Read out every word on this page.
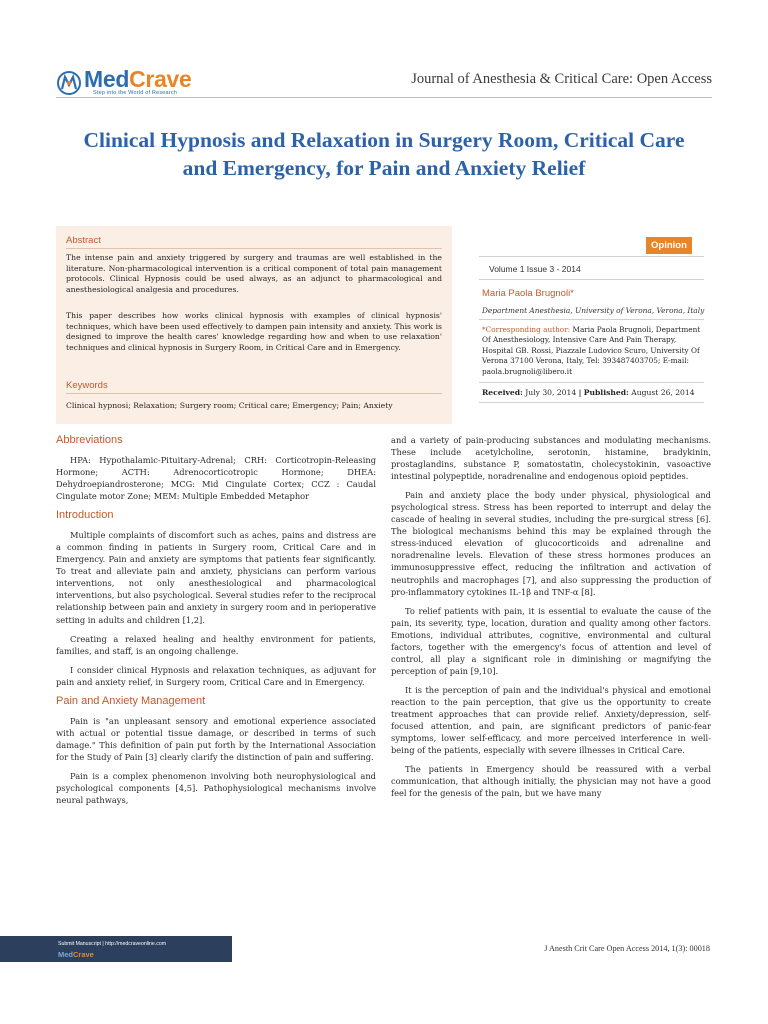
MedCrave
Step into the World of Research
Journal of Anesthesia & Critical Care: Open Access
Clinical Hypnosis and Relaxation in Surgery Room, Critical Care and Emergency, for Pain and Anxiety Relief
Abstract

The intense pain and anxiety triggered by surgery and traumas are well established in the literature. Non-pharmacological intervention is a critical component of total pain management protocols. Clinical Hypnosis could be used always, as an adjunct to pharmacological and anesthesiological analgesia and procedures.

This paper describes how works clinical hypnosis with examples of clinical hypnosis' techniques, which have been used effectively to dampen pain intensity and anxiety. This work is designed to improve the health cares' knowledge regarding how and when to use relaxation' techniques and clinical hypnosis in Surgery Room, in Critical Care and in Emergency.

Keywords

Clinical hypnosi; Relaxation; Surgery room; Critical care; Emergency; Pain; Anxiety

Opinion
Volume 1 Issue 3 - 2014
Maria Paola Brugnoli*
Department Anesthesia, University of Verona, Verona, Italy
*Corresponding author: Maria Paola Brugnoli, Department Of Anesthesiology, Intensive Care And Pain Therapy, Hospital GB. Rossi, Piazzale Ludovico Scuro, University Of Verona 37100 Verona, Italy, Tel: 393487403705; E-mail: paola.brugnoli@libero.it
Received: July 30, 2014 | Published: August 26, 2014
Abbreviations

HPA: Hypothalamic-Pituitary-Adrenal; CRH: Corticotropin-Releasing Hormone; ACTH: Adrenocorticotropic Hormone; DHEA: Dehydroepiandrosterone; MCG: Mid Cingulate Cortex; CCZ : Caudal Cingulate motor Zone; MEM: Multiple Embedded Metaphor

Introduction

Multiple complaints of discomfort such as aches, pains and distress are a common finding in patients in Surgery room, Critical Care and in Emergency. Pain and anxiety are symptoms that patients fear significantly. To treat and alleviate pain and anxiety, physicians can perform various interventions, not only anesthesiological and pharmacological interventions, but also psychological. Several studies refer to the reciprocal relationship between pain and anxiety in surgery room and in perioperative setting in adults and children [1,2].

Creating a relaxed healing and healthy environment for patients, families, and staff, is an ongoing challenge.

I consider clinical Hypnosis and relaxation techniques, as adjuvant for pain and anxiety relief, in Surgery room, Critical Care and in Emergency.

Pain and Anxiety Management

Pain is "an unpleasant sensory and emotional experience associated with actual or potential tissue damage, or described in terms of such damage." This definition of pain put forth by the International Association for the Study of Pain [3] clearly clarify the distinction of pain and suffering.

Pain is a complex phenomenon involving both neurophysiological and psychological components [4,5]. Pathophysiological mechanisms involve neural pathways,

and a variety of pain-producing substances and modulating mechanisms. These include acetylcholine, serotonin, histamine, bradykinin, prostaglandins, substance P, somatostatin, cholecystokinin, vasoactive intestinal polypeptide, noradrenaline and endogenous opioid peptides.

Pain and anxiety place the body under physical, physiological and psychological stress. Stress has been reported to interrupt and delay the cascade of healing in several studies, including the pre-surgical stress [6]. The biological mechanisms behind this may be explained through the stress-induced elevation of glucocorticoids and adrenaline and noradrenaline levels. Elevation of these stress hormones produces an immunosuppressive effect, reducing the infiltration and activation of neutrophils and macrophages [7], and also suppressing the production of pro-inflammatory cytokines IL-1β and TNF-α [8].

To relief patients with pain, it is essential to evaluate the cause of the pain, its severity, type, location, duration and quality among other factors. Emotions, individual attributes, cognitive, environmental and cultural factors, together with the emergency's focus of attention and level of control, all play a significant role in diminishing or magnifying the perception of pain [9,10].

It is the perception of pain and the individual's physical and emotional reaction to the pain perception, that give us the opportunity to create treatment approaches that can provide relief. Anxiety/depression, self-focused attention, and pain, are significant predictors of panic-fear symptoms, lower self-efficacy, and more perceived interference in well-being of the patients, especially with severe illnesses in Critical Care.

The patients in Emergency should be reassured with a verbal communication, that although initially, the physician may not have a good feel for the genesis of the pain, but we have many

Submit Manuscript | http://medcraveonline.com
MedCrave
J Anesth Crit Care Open Access 2014, 1(3): 00018
